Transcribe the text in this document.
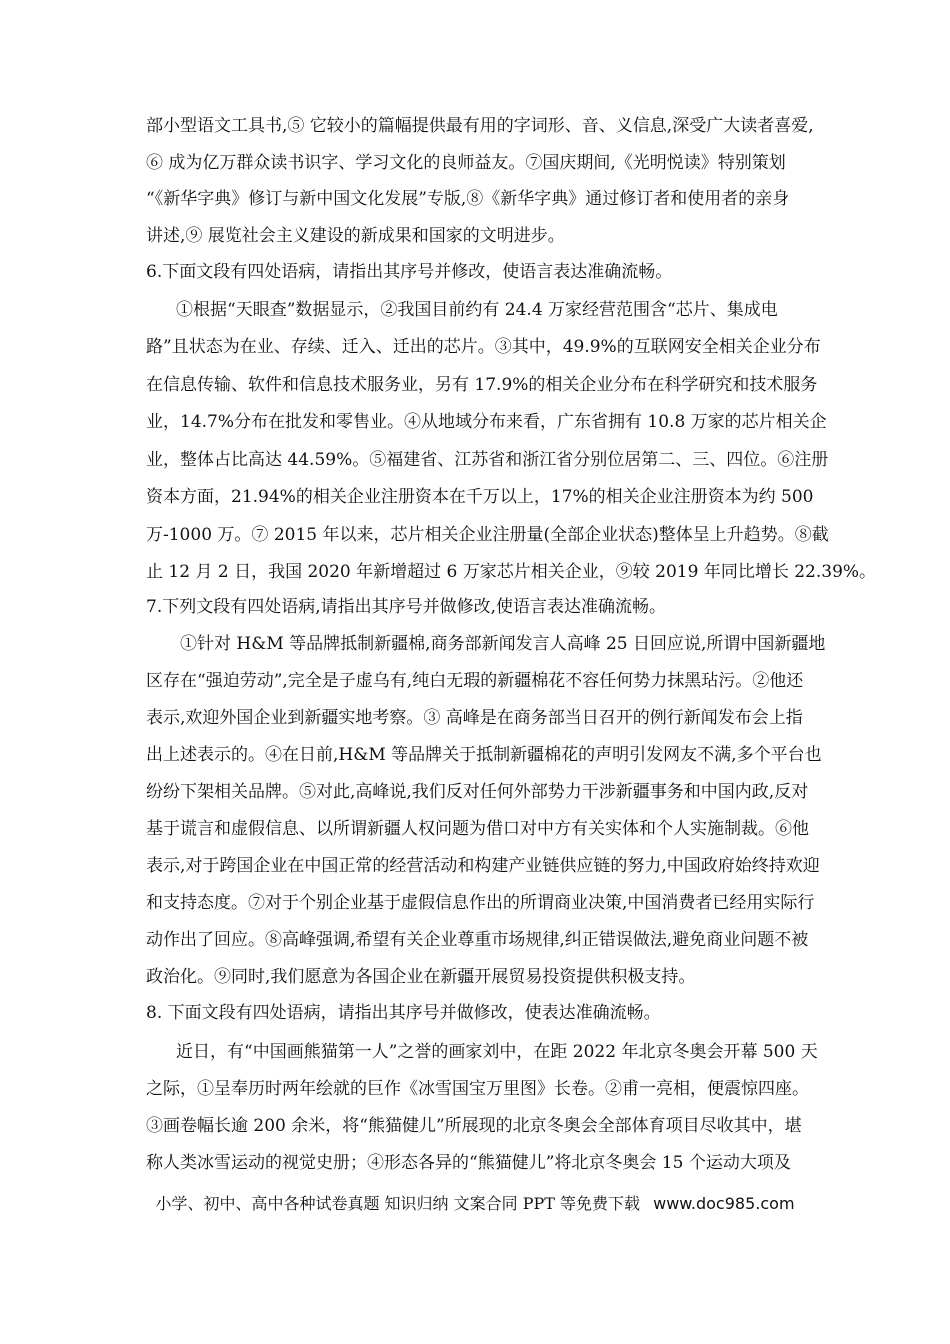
部小型语文工具书,⑤ 它较小的篇幅提供最有用的字词形、音、义信息,深受广大读者喜爱,
⑥ 成为亿万群众读书识字、学习文化的良师益友。⑦国庆期间,《光明悦读》特别策划
“《新华字典》修订与新中国文化发展”专版,⑧《新华字典》通过修订者和使用者的亲身
讲述,⑨ 展览社会主义建设的新成果和国家的文明进步。
6.下面文段有四处语病，请指出其序号并修改，使语言表达准确流畅。
①根据“天眼查”数据显示，②我国目前约有 24.4 万家经营范围含“芯片、集成电
路”且状态为在业、存续、迁入、迁出的芯片。③其中，49.9%的互联网安全相关企业分布
在信息传输、软件和信息技术服务业，另有 17.9%的相关企业分布在科学研究和技术服务
业，14.7%分布在批发和零售业。④从地域分布来看，广东省拥有 10.8 万家的芯片相关企
业，整体占比高达 44.59%。⑤福建省、江苏省和浙江省分别位居第二、三、四位。⑥注册
资本方面，21.94%的相关企业注册资本在千万以上，17%的相关企业注册资本为约 500
万-1000 万。⑦ 2015 年以来，芯片相关企业注册量(全部企业状态)整体呈上升趋势。⑧截
止 12 月 2 日，我国 2020 年新增超过 6 万家芯片相关企业，⑨较 2019 年同比增长 22.39%。
7.下列文段有四处语病,请指出其序号并做修改,使语言表达准确流畅。
①针对 H&M 等品牌抵制新疆棉,商务部新闻发言人高峰 25 日回应说,所谓中国新疆地
区存在“强迫劳动”,完全是子虚乌有,纯白无瑕的新疆棉花不容任何势力抹黑玷污。②他还
表示,欢迎外国企业到新疆实地考察。③ 高峰是在商务部当日召开的例行新闻发布会上指
出上述表示的。④在日前,H&M 等品牌关于抵制新疆棉花的声明引发网友不满,多个平台也
纷纷下架相关品牌。⑤对此,高峰说,我们反对任何外部势力干涉新疆事务和中国内政,反对
基于谎言和虚假信息、以所谓新疆人权问题为借口对中方有关实体和个人实施制裁。⑥他
表示,对于跨国企业在中国正常的经营活动和构建产业链供应链的努力,中国政府始终持欢迎
和支持态度。⑦对于个别企业基于虚假信息作出的所谓商业决策,中国消费者已经用实际行
动作出了回应。⑧高峰强调,希望有关企业尊重市场规律,纠正错误做法,避免商业问题不被
政治化。⑨同时,我们愿意为各国企业在新疆开展贸易投资提供积极支持。
8. 下面文段有四处语病，请指出其序号并做修改，使表达准确流畅。
近日，有“中国画熊猫第一人”之誉的画家刘中，在距 2022 年北京冬奥会开幕 500 天
之际，①呈奉历时两年绘就的巨作《冰雪国宝万里图》长卷。②甫一亮相，便震惊四座。
③画卷幅长逾 200 余米，将“熊猫健儿”所展现的北京冬奥会全部体育项目尽收其中，堪
称人类冰雪运动的视觉史册；④形态各异的“熊猫健儿”将北京冬奥会 15 个运动大项及
小学、初中、高中各种试卷真题 知识归纳 文案合同 PPT 等免费下载 www.doc985.com
